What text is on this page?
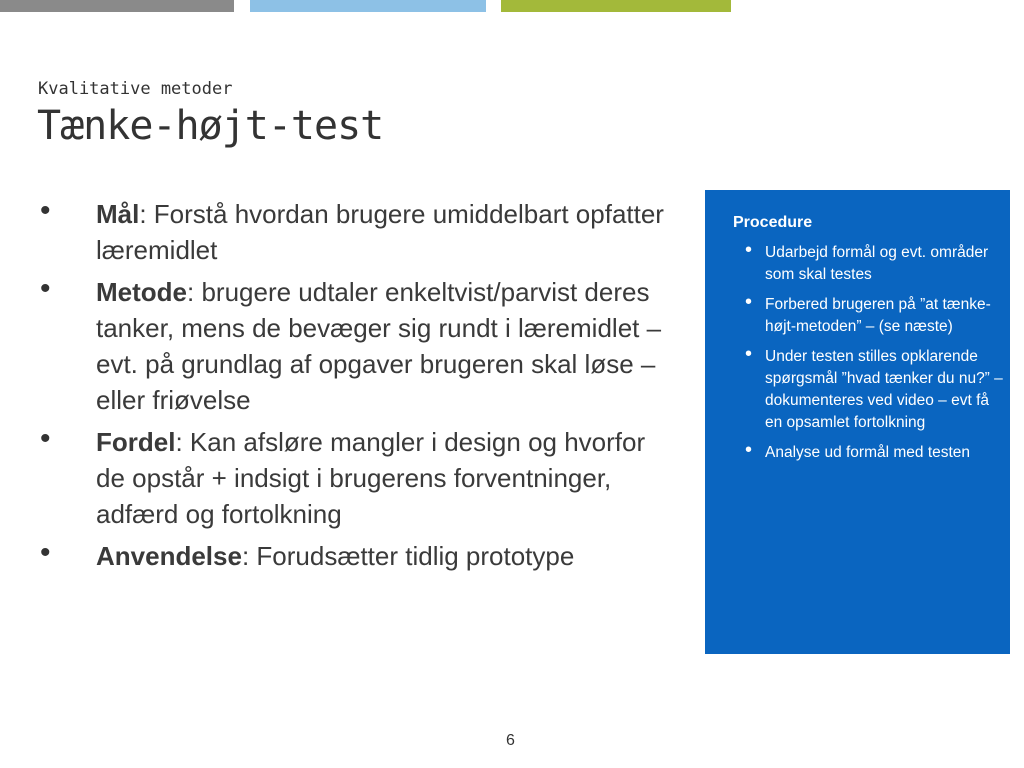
Kvalitative metoder
Tænke-højt-test
• Mål: Forstå hvordan brugere umiddelbart opfatter læremidlet
• Metode: brugere udtaler enkeltvist/parvist deres tanker, mens de bevæger sig rundt i læremidlet – evt. på grundlag af opgaver brugeren skal løse – eller friøvelse
• Fordel: Kan afsløre mangler i design og hvorfor de opstår + indsigt i brugerens forventninger, adfærd og fortolkning
• Anvendelse: Forudsætter tidlig prototype
Procedure
• Udarbejd formål og evt. områder som skal testes
• Forbered brugeren på ”at tænke-højt-metoden” – (se næste)
• Under testen stilles opklarende spørgsmål ”hvad tænker du nu?” – dokumenteres ved video – evt få en opsamlet fortolkning
• Analyse ud formål med testen
6
